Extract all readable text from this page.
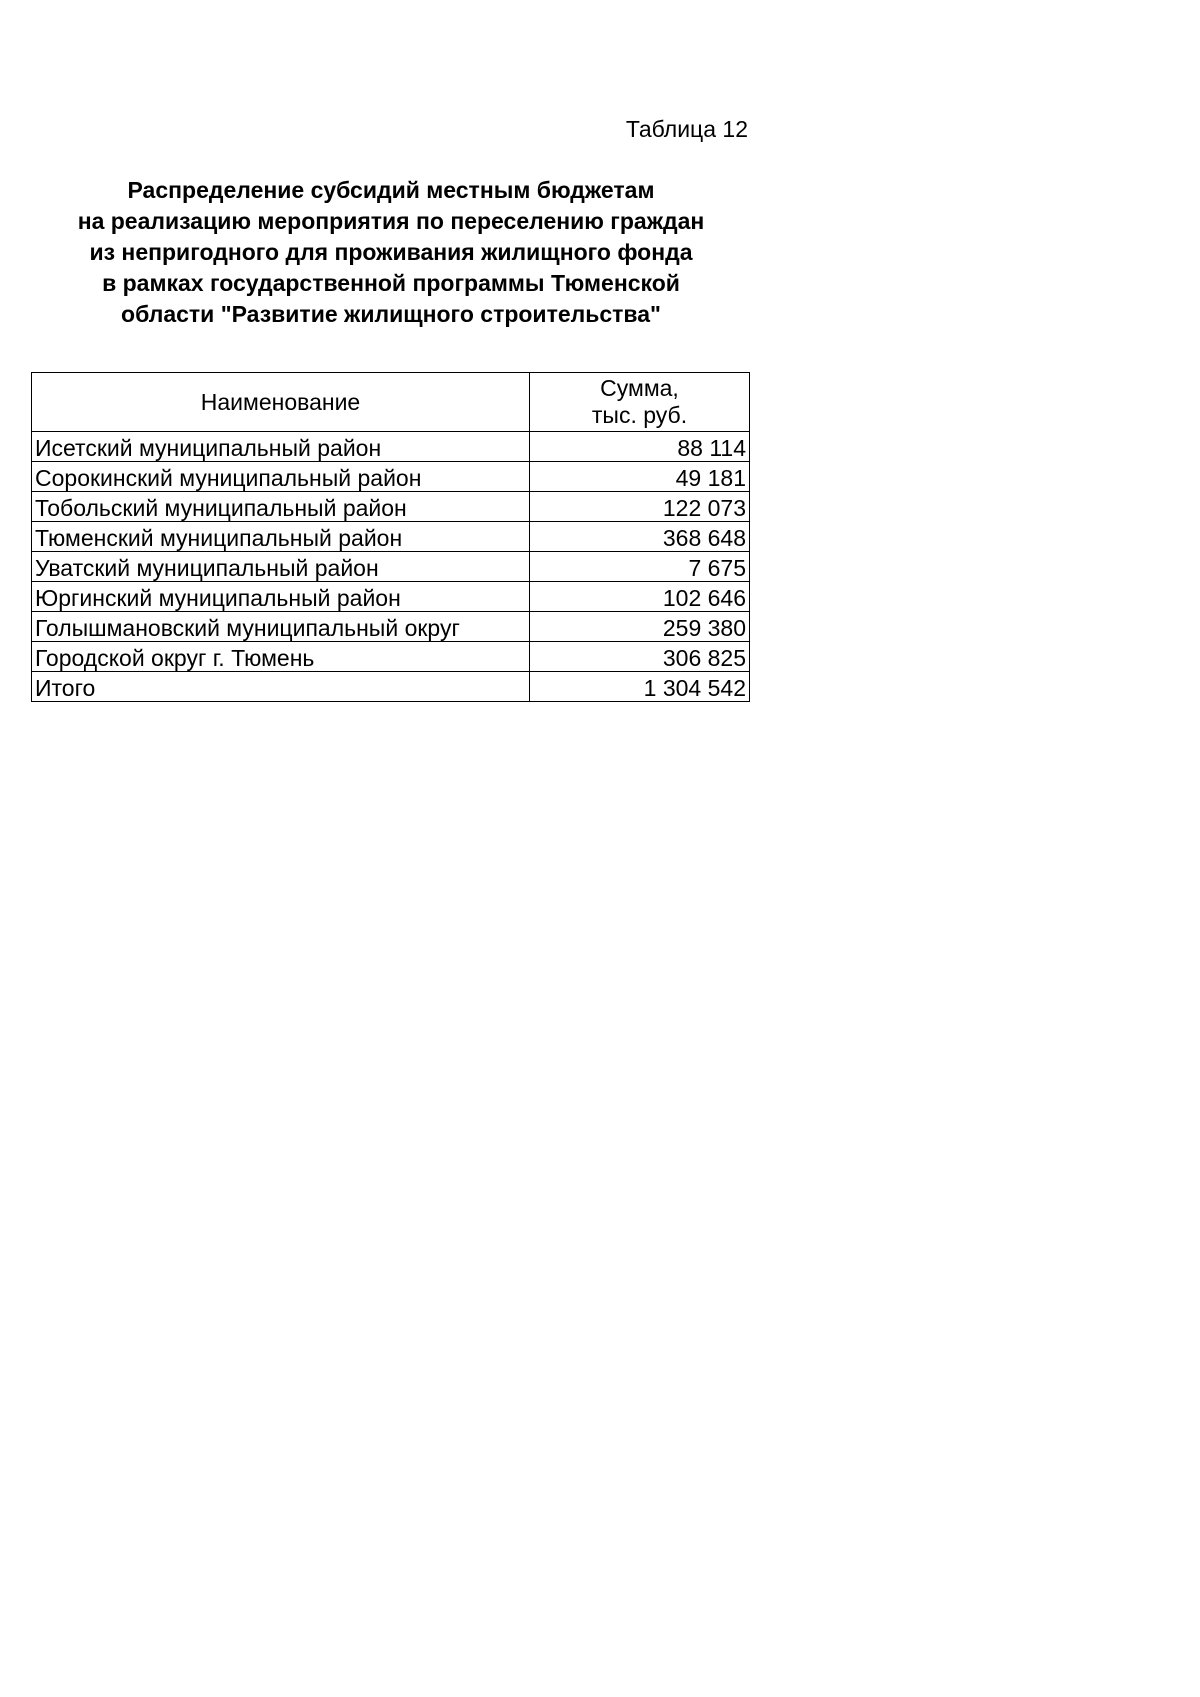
Таблица 12
Распределение субсидий местным бюджетам
на реализацию мероприятия по переселению граждан
из непригодного для проживания жилищного фонда
в рамках государственной программы Тюменской
области "Развитие жилищного строительства"
Наименование	Сумма,
тыс. руб.

Исетский муниципальный район	88 114
Сорокинский муниципальный район	49 181
Тобольский муниципальный район	122 073
Тюменский муниципальный район	368 648
Уватский муниципальный район	7 675
Юргинский муниципальный район	102 646
Голышмановский муниципальный округ	259 380
Городской округ г. Тюмень	306 825
Итого	1 304 542
